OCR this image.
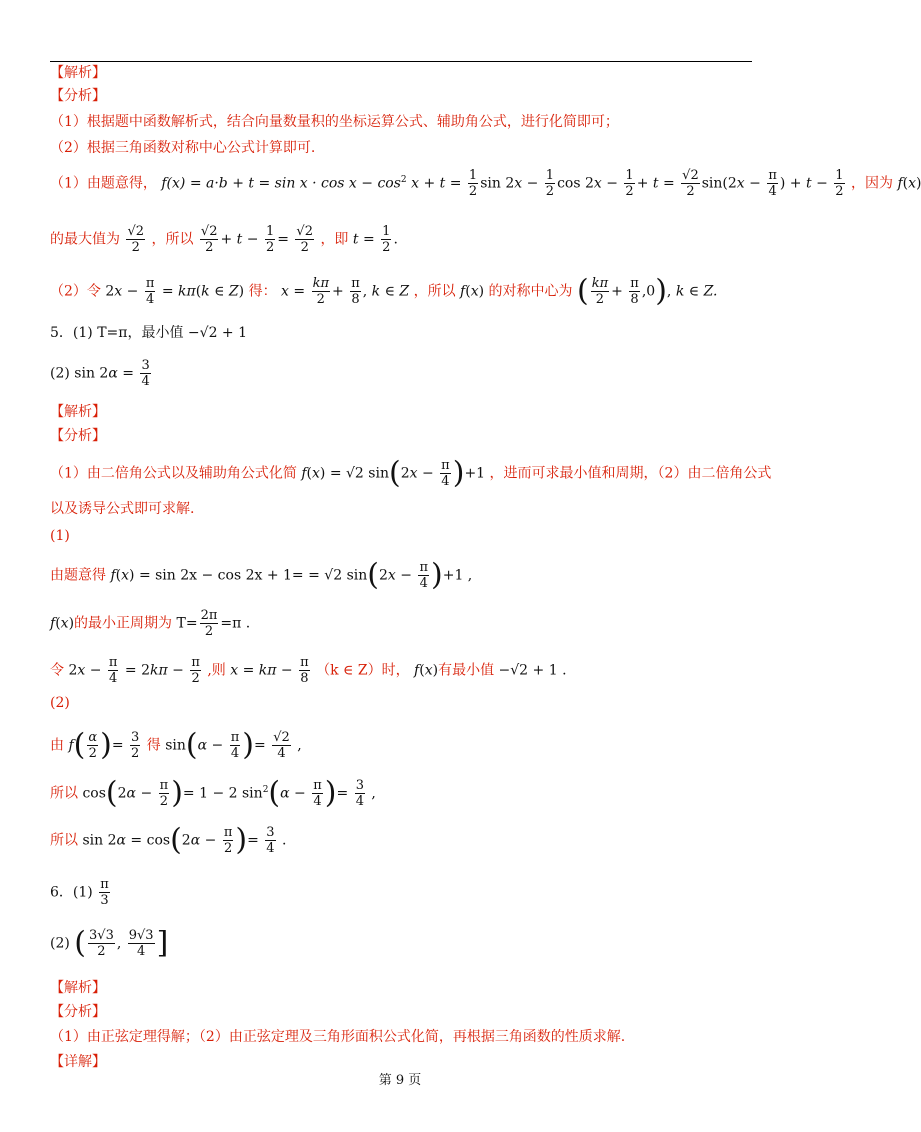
【解析】
【分析】
（1）根据题中函数解析式，结合向量数量积的坐标运算公式、辅助角公式，进行化简即可；
（2）根据三角函数对称中心公式计算即可.
（1）由题意得， $f(x) = a\cdot b + t = \sin x \cdot \cos x - \cos^2 x + t = \frac{1}{2}$ $\sin 2x - \frac{1}{2}$ $\cos 2x - \frac{1}{2} + t = \frac{√2}{2} \sin(2x - \frac{\pi}{4}$ ) + $t - \frac{1}{2}$ ，因为 f(x)
的最大值为 $\frac{√2}{2}$ ，所以 $\frac{√2}{2} + t - \frac{1}{2} = \frac{√2}{2}$ ，即 $t = \frac{1}{2}$ .
（2）令 $2x - \frac{\pi}{4} = k\pi(k$ ∈ Z) 得： $x = \frac{k\pi}{2} + \frac{\pi}{8}$ , k ∈ Z ，所以 f(x) 的对称中心为 ( $\frac{k\pi}{2} + \frac{\pi}{8} ,0$), k ∈ Z.
5．(1) T=π，最小值 −√2 + 1
(2) $\sin 2\alpha = \frac{3}{4}$
【解析】
【分析】
（1）由二倍角公式以及辅助角公式化简 f(x) = √2 $\sin(2x - \frac{\pi}{4} )+1$ ，进而可求最小值和周期，（2）由二倍角公式
以及诱导公式即可求解.
(1)
由题意得 f(x) = sin 2x − cos 2x + 1= = √2 $\sin(2x - \frac{\pi}{4} )+1$ ,
f(x)的最小正周期为 $T= \frac{2\pi}{2} =\pi$ .
令 $2x - \frac{\pi}{4} = 2k\pi - \frac{\pi}{2}$ ,则 $x = k\pi - \frac{\pi}{8} (k$ ∈ Z）时， f(x)有最小值 −√2 + 1 .
(2)
由 $f( \frac{\alpha}{2}$ )= $\frac{3}{2}$ 得 $\sin(\alpha - \frac{\pi}{4}$ )= $\frac{√2}{4}$ ,
所以 $\cos(2\alpha - \frac{\pi}{2}$ )= 1 − 2 $\sin^2(\alpha - \frac{\pi}{4}$ )= $\frac{3}{4}$ ,
所以 $\sin 2\alpha = \cos(2\alpha - \frac{\pi}{2}$ )= $\frac{3}{4}$ .
6．$(1) \frac{\pi}{3}$
(2) ( $\frac{3√3}{2}$ , $\frac{9√3}{4}$ ]
【解析】
【分析】
（1）由正弦定理得解；（2）由正弦定理及三角形面积公式化简，再根据三角函数的性质求解.
【详解】
第 9 页
